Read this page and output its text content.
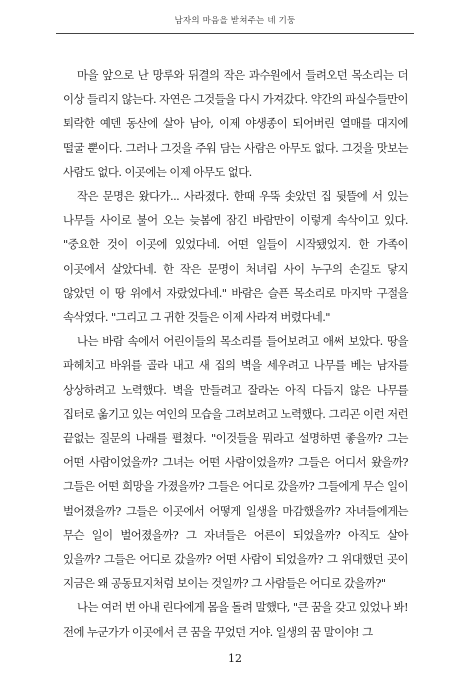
남자의 마음을 받쳐주는 네 기둥

마을 앞으로 난 망루와 뒤결의 작은 과수원에서 들려오던 목소리는 더 이상 들리지 않는다. 자연은 그것들을 다시 가져갔다. 약간의 파실수들만이 퇴락한 예덴 동산에 살아 남아, 이제 야생종이 되어버린 열매를 대지에 떨굴 뿐이다. 그러나 그것을 주워 담는 사람은 아무도 없다. 그것을 맛보는 사람도 없다. 이곳에는 이제 아무도 없다.

작은 문명은 왔다가... 사라졌다. 한때 우뚝 솟았던 집 뒷뜰에 서 있는 나무들 사이로 불어 오는 늦봄에 잠긴 바람만이 이렇게 속삭이고 있다. "중요한 것이 이곳에 있었다네. 어떤 일들이 시작됐었지. 한 가족이 이곳에서 살았다네. 한 작은 문명이 처녀림 사이 누구의 손길도 닿지 않았던 이 땅 위에서 자랐었다네." 바람은 슬픈 목소리로 마지막 구절을 속삭였다. "그리고 그 귀한 것들은 이제 사라져 버렸다네."

나는 바람 속에서 어린이들의 목소리를 들어보려고 애써 보았다. 땅을 파헤치고 바위를 골라 내고 새 집의 벽을 세우려고 나무를 베는 남자를 상상하려고 노력했다. 벽을 만들려고 잘라논 아직 다듬지 않은 나무를 집터로 옮기고 있는 여인의 모습을 그려보려고 노력했다. 그리곤 이런 저런 끝없는 질문의 나래를 펼쳤다. "이것들을 뭐라고 설명하면 좋을까? 그는 어떤 사람이었을까? 그녀는 어떤 사람이었을까? 그들은 어디서 왔을까? 그들은 어떤 희망을 가졌을까? 그들은 어디로 갔을까? 그들에게 무슨 일이 벌어졌을까? 그들은 이곳에서 어떻게 일생을 마감했을까? 자녀들에게는 무슨 일이 벌어졌을까? 그 자녀들은 어른이 되었을까? 아직도 살아 있을까? 그들은 어디로 갔을까? 어떤 사람이 되었을까? 그 위대했던 곳이 지금은 왜 공동묘지처럼 보이는 것일까? 그 사람들은 어디로 갔을까?"

나는 여러 번 아내 린다에게 몸을 돌려 말했다, "큰 꿈을 갖고 있었나 봐! 전에 누군가가 이곳에서 큰 꿈을 꾸었던 거야. 일생의 꿈 말이야! 그

12
